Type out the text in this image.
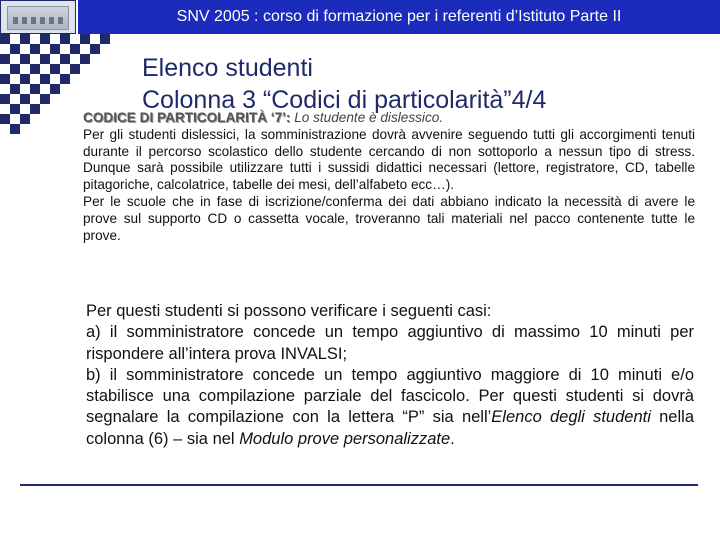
SNV 2005 : corso di formazione per i referenti d’Istituto Parte II
Elenco studenti
Colonna 3 “Codici di particolarità”4/4

CODICE DI PARTICOLARITÀ ‘7’: Lo studente è dislessico.

Per gli studenti dislessici, la somministrazione dovrà avvenire seguendo tutti gli accorgimenti tenuti durante il percorso scolastico dello studente cercando di non sottoporlo a nessun tipo di stress. Dunque sarà possibile utilizzare tutti i sussidi didattici necessari (lettore, registratore, CD, tabelle pitagoriche, calcolatrice, tabelle dei mesi, dell’alfabeto ecc…).

Per le scuole che in fase di iscrizione/conferma dei dati abbiano indicato la necessità di avere le prove sul supporto CD o cassetta vocale, troveranno tali materiali nel pacco contenente tutte le prove.

Per questi studenti si possono verificare i seguenti casi:

a) il somministratore concede un tempo aggiuntivo di massimo 10 minuti per rispondere all’intera prova INVALSI;

b) il somministratore concede un tempo aggiuntivo maggiore di 10 minuti e/o stabilisce una compilazione parziale del fascicolo. Per questi studenti si dovrà segnalare la compilazione con la lettera “P” sia nell’Elenco degli studenti nella colonna (6) – sia nel Modulo prove personalizzate.
